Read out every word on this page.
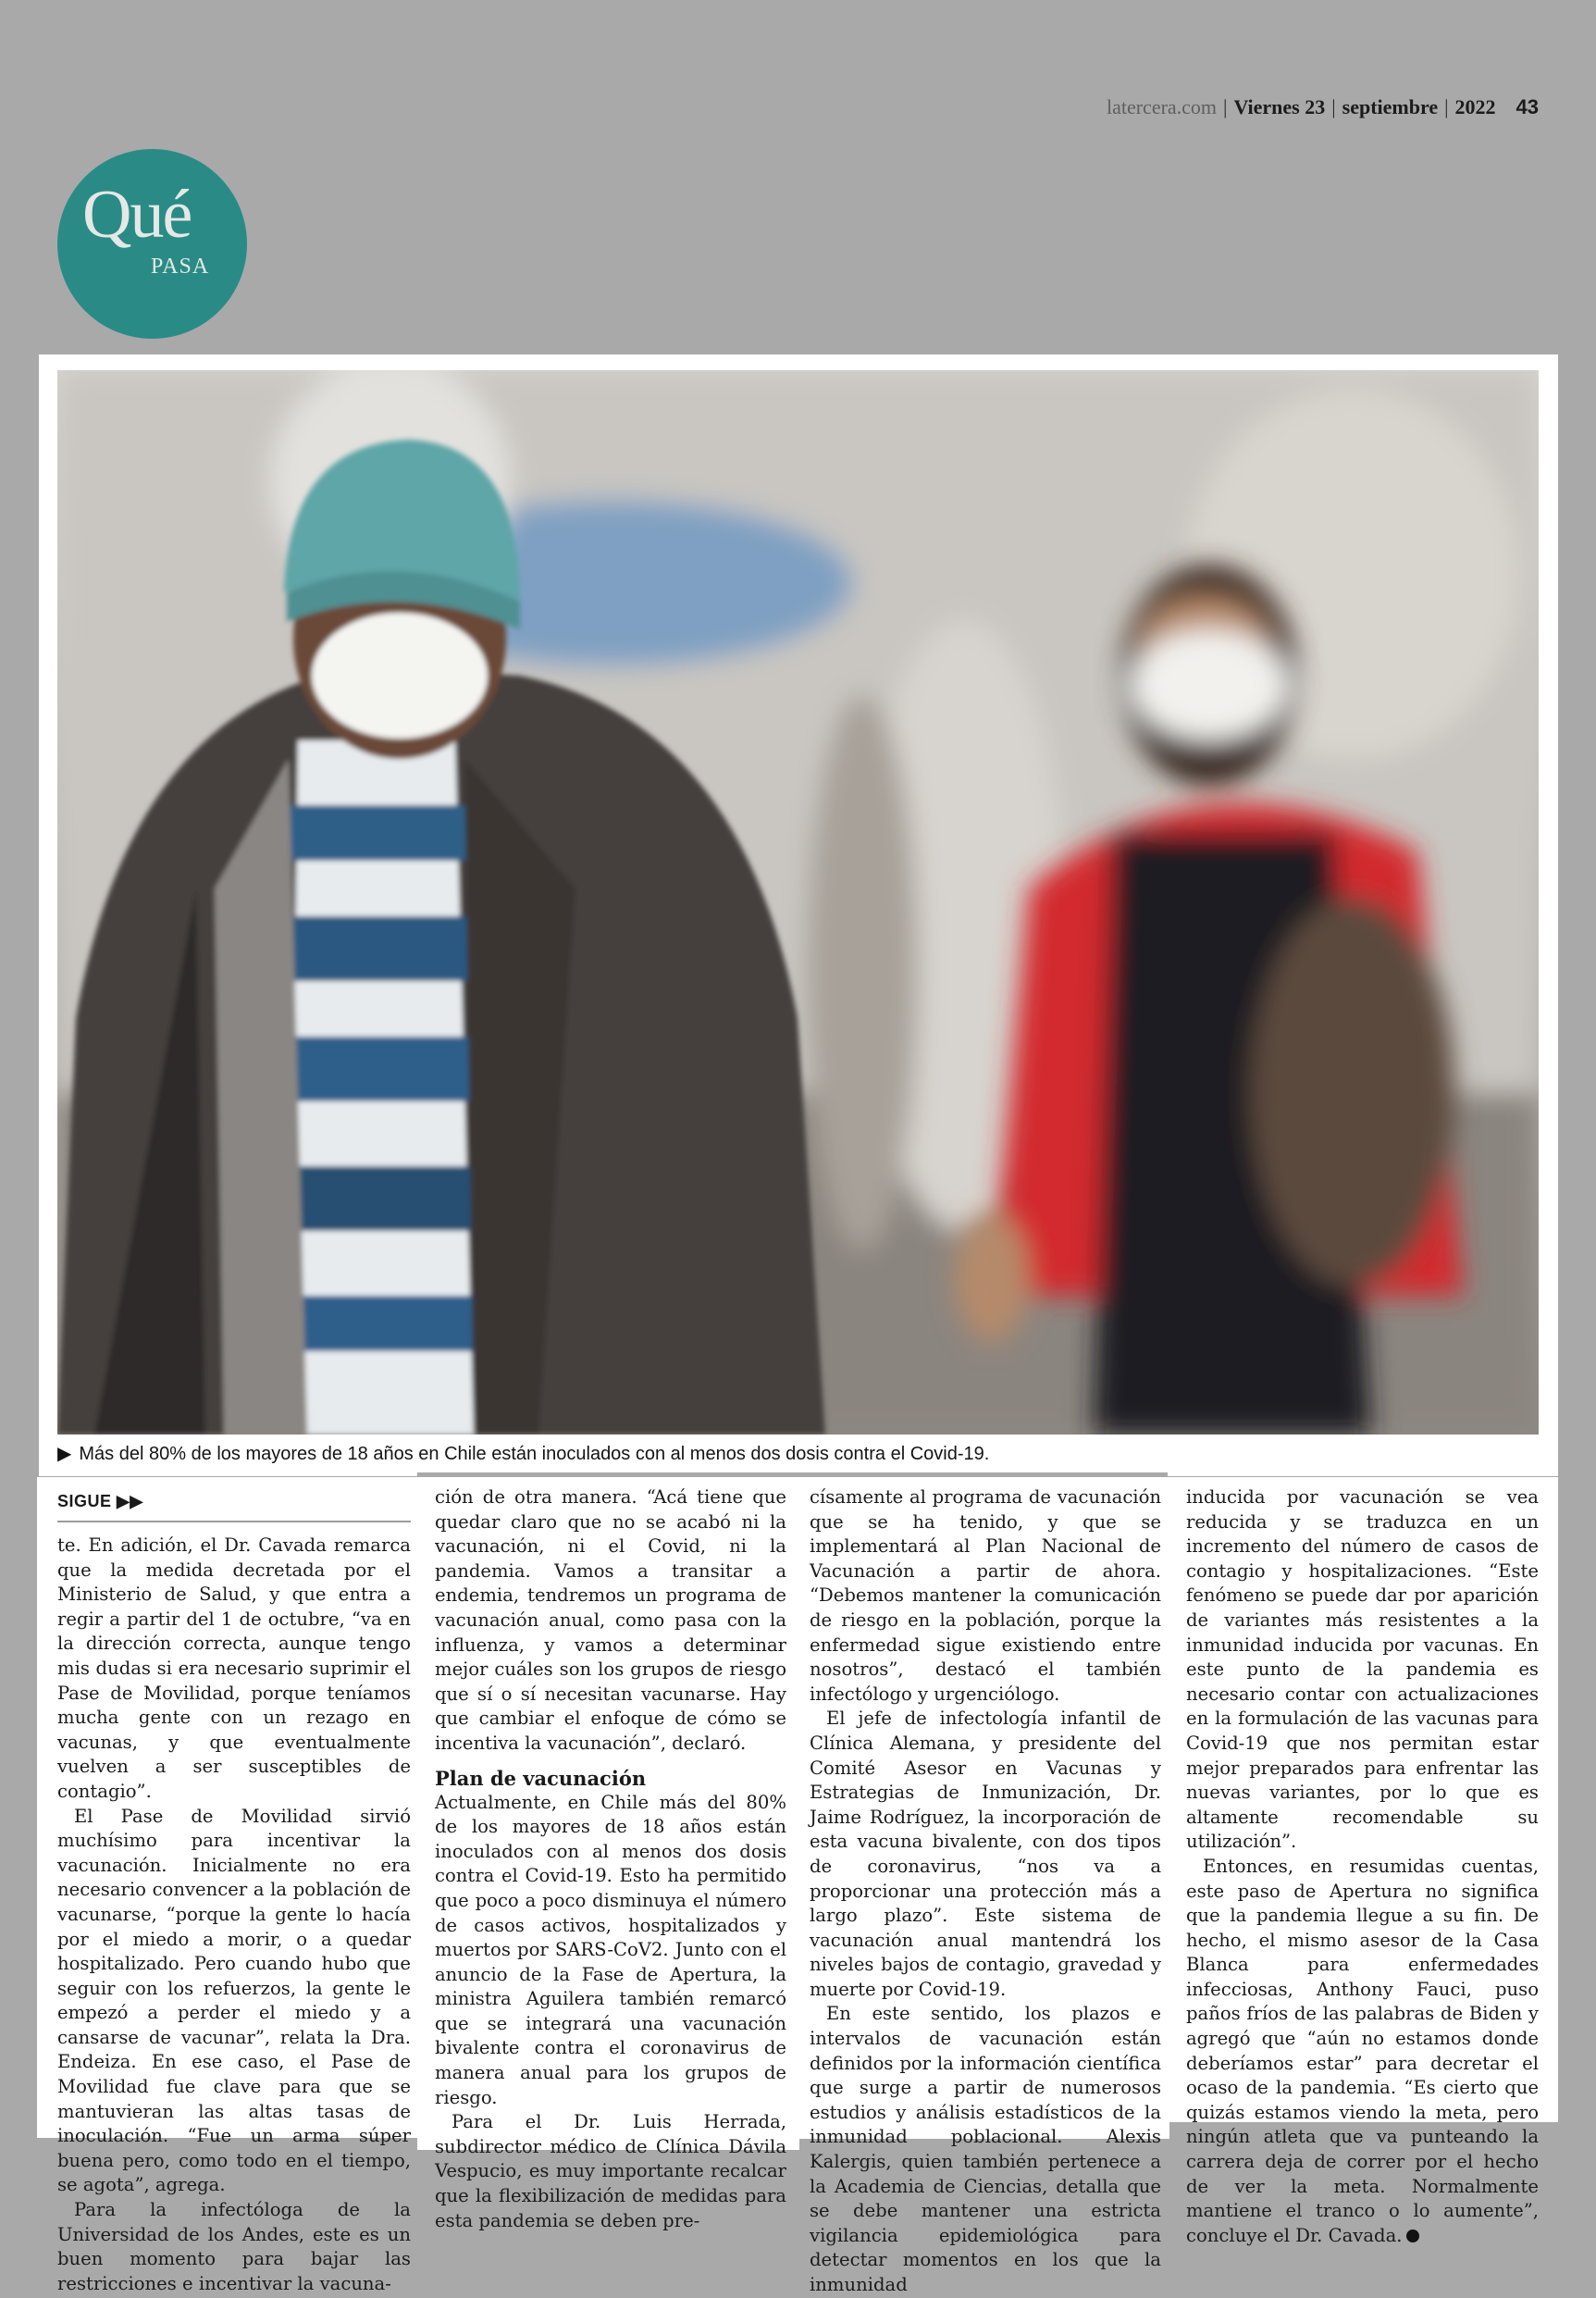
latercera.com | Viernes 23 | septiembre | 2022 43
Qué
PASA
▶ Más del 80% de los mayores de 18 años en Chile están inoculados con al menos dos dosis contra el Covid-19.
SIGUE ▶▶

te. En adición, el Dr. Cavada remarca que la medida decretada por el Ministerio de Salud, y que entra a regir a partir del 1 de octubre, “va en la dirección correcta, aunque tengo mis dudas si era necesario suprimir el Pase de Movilidad, porque teníamos mucha gente con un rezago en vacunas, y que eventualmente vuelven a ser susceptibles de contagio”.

El Pase de Movilidad sirvió muchísimo para incentivar la vacunación. Inicialmente no era necesario convencer a la población de vacunarse, “porque la gente lo hacía por el miedo a morir, o a quedar hospitalizado. Pero cuando hubo que seguir con los refuerzos, la gente le empezó a perder el miedo y a cansarse de vacunar”, relata la Dra. Endeiza. En ese caso, el Pase de Movilidad fue clave para que se mantuvieran las altas tasas de inoculación. “Fue un arma súper buena pero, como todo en el tiempo, se agota”, agrega.

Para la infectóloga de la Universidad de los Andes, este es un buen momento para bajar las restricciones e incentivar la vacuna-

ción de otra manera. “Acá tiene que quedar claro que no se acabó ni la vacunación, ni el Covid, ni la pandemia. Vamos a transitar a endemia, tendremos un programa de vacunación anual, como pasa con la influenza, y vamos a determinar mejor cuáles son los grupos de riesgo que sí o sí necesitan vacunarse. Hay que cambiar el enfoque de cómo se incentiva la vacunación”, declaró.

Plan de vacunación

Actualmente, en Chile más del 80% de los mayores de 18 años están inoculados con al menos dos dosis contra el Covid-19. Esto ha permitido que poco a poco disminuya el número de casos activos, hospitalizados y muertos por SARS-CoV2. Junto con el anuncio de la Fase de Apertura, la ministra Aguilera también remarcó que se integrará una vacunación bivalente contra el coronavirus de manera anual para los grupos de riesgo.

Para el Dr. Luis Herrada, subdirector médico de Clínica Dávila Vespucio, es muy importante recalcar que la flexibilización de medidas para esta pandemia se deben pre-

císamente al programa de vacunación que se ha tenido, y que se implementará al Plan Nacional de Vacunación a partir de ahora. “Debemos mantener la comunicación de riesgo en la población, porque la enfermedad sigue existiendo entre nosotros”, destacó el también infectólogo y urgenciólogo.

El jefe de infectología infantil de Clínica Alemana, y presidente del Comité Asesor en Vacunas y Estrategias de Inmunización, Dr. Jaime Rodríguez, la incorporación de esta vacuna bivalente, con dos tipos de coronavirus, “nos va a proporcionar una protección más a largo plazo”. Este sistema de vacunación anual mantendrá los niveles bajos de contagio, gravedad y muerte por Covid-19.

En este sentido, los plazos e intervalos de vacunación están definidos por la información científica que surge a partir de numerosos estudios y análisis estadísticos de la inmunidad poblacional. Alexis Kalergis, quien también pertenece a la Academia de Ciencias, detalla que se debe mantener una estricta vigilancia epidemiológica para detectar momentos en los que la inmunidad

inducida por vacunación se vea reducida y se traduzca en un incremento del número de casos de contagio y hospitalizaciones. “Este fenómeno se puede dar por aparición de variantes más resistentes a la inmunidad inducida por vacunas. En este punto de la pandemia es necesario contar con actualizaciones en la formulación de las vacunas para Covid-19 que nos permitan estar mejor preparados para enfrentar las nuevas variantes, por lo que es altamente recomendable su utilización”.

Entonces, en resumidas cuentas, este paso de Apertura no significa que la pandemia llegue a su fin. De hecho, el mismo asesor de la Casa Blanca para enfermedades infecciosas, Anthony Fauci, puso paños fríos de las palabras de Biden y agregó que “aún no estamos donde deberíamos estar” para decretar el ocaso de la pandemia. “Es cierto que quizás estamos viendo la meta, pero ningún atleta que va punteando la carrera deja de correr por el hecho de ver la meta. Normalmente mantiene el tranco o lo aumente”, concluye el Dr. Cavada.
